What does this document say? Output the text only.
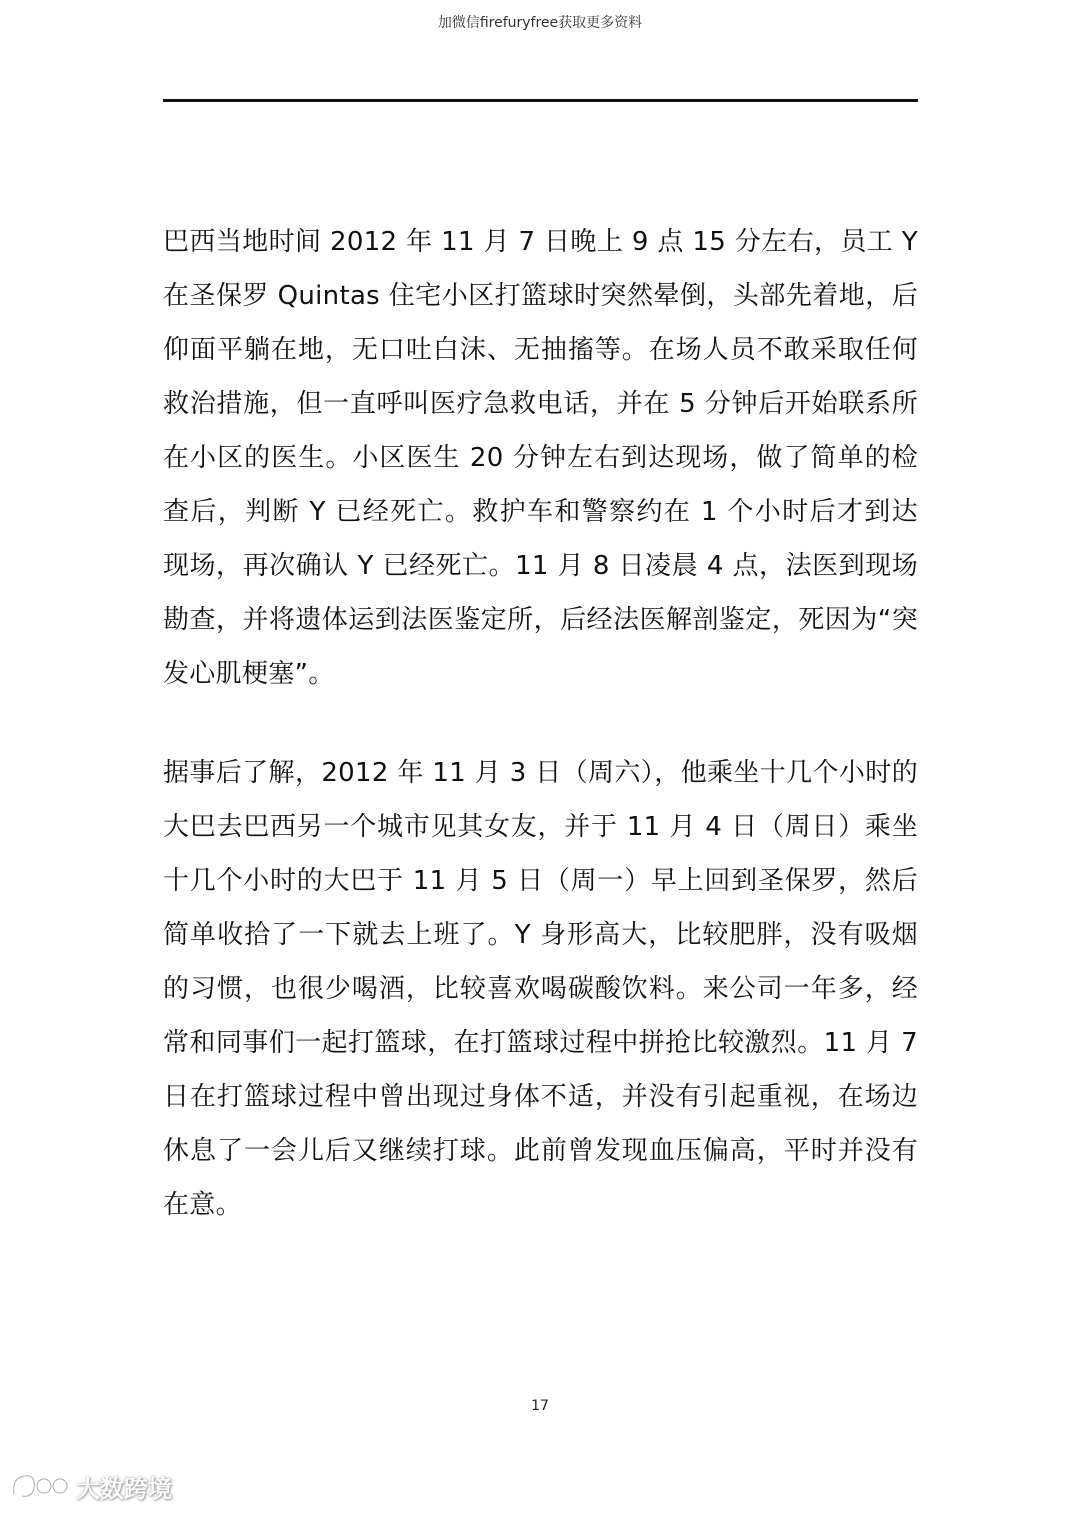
加微信firefuryfree获取更多资料
巴西当地时间 2012 年 11 月 7 日晚上 9 点 15 分左右，员工 Y
在圣保罗 Quintas 住宅小区打篮球时突然晕倒，头部先着地，后
仰面平躺在地，无口吐白沫、无抽搐等。在场人员不敢采取任何
救治措施，但一直呼叫医疗急救电话，并在 5 分钟后开始联系所
在小区的医生。小区医生 20 分钟左右到达现场，做了简单的检
查后，判断 Y 已经死亡。救护车和警察约在 1 个小时后才到达
现场，再次确认 Y 已经死亡。11 月 8 日凌晨 4 点，法医到现场
勘查，并将遗体运到法医鉴定所，后经法医解剖鉴定，死因为“突
发心肌梗塞”。
据事后了解，2012 年 11 月 3 日（周六），他乘坐十几个小时的
大巴去巴西另一个城市见其女友，并于 11 月 4 日（周日）乘坐
十几个小时的大巴于 11 月 5 日（周一）早上回到圣保罗，然后
简单收拾了一下就去上班了。Y 身形高大，比较肥胖，没有吸烟
的习惯，也很少喝酒，比较喜欢喝碳酸饮料。来公司一年多，经
常和同事们一起打篮球，在打篮球过程中拼抢比较激烈。11 月 7
日在打篮球过程中曾出现过身体不适，并没有引起重视，在场边
休息了一会儿后又继续打球。此前曾发现血压偏高，平时并没有
在意。
17
大数跨境
